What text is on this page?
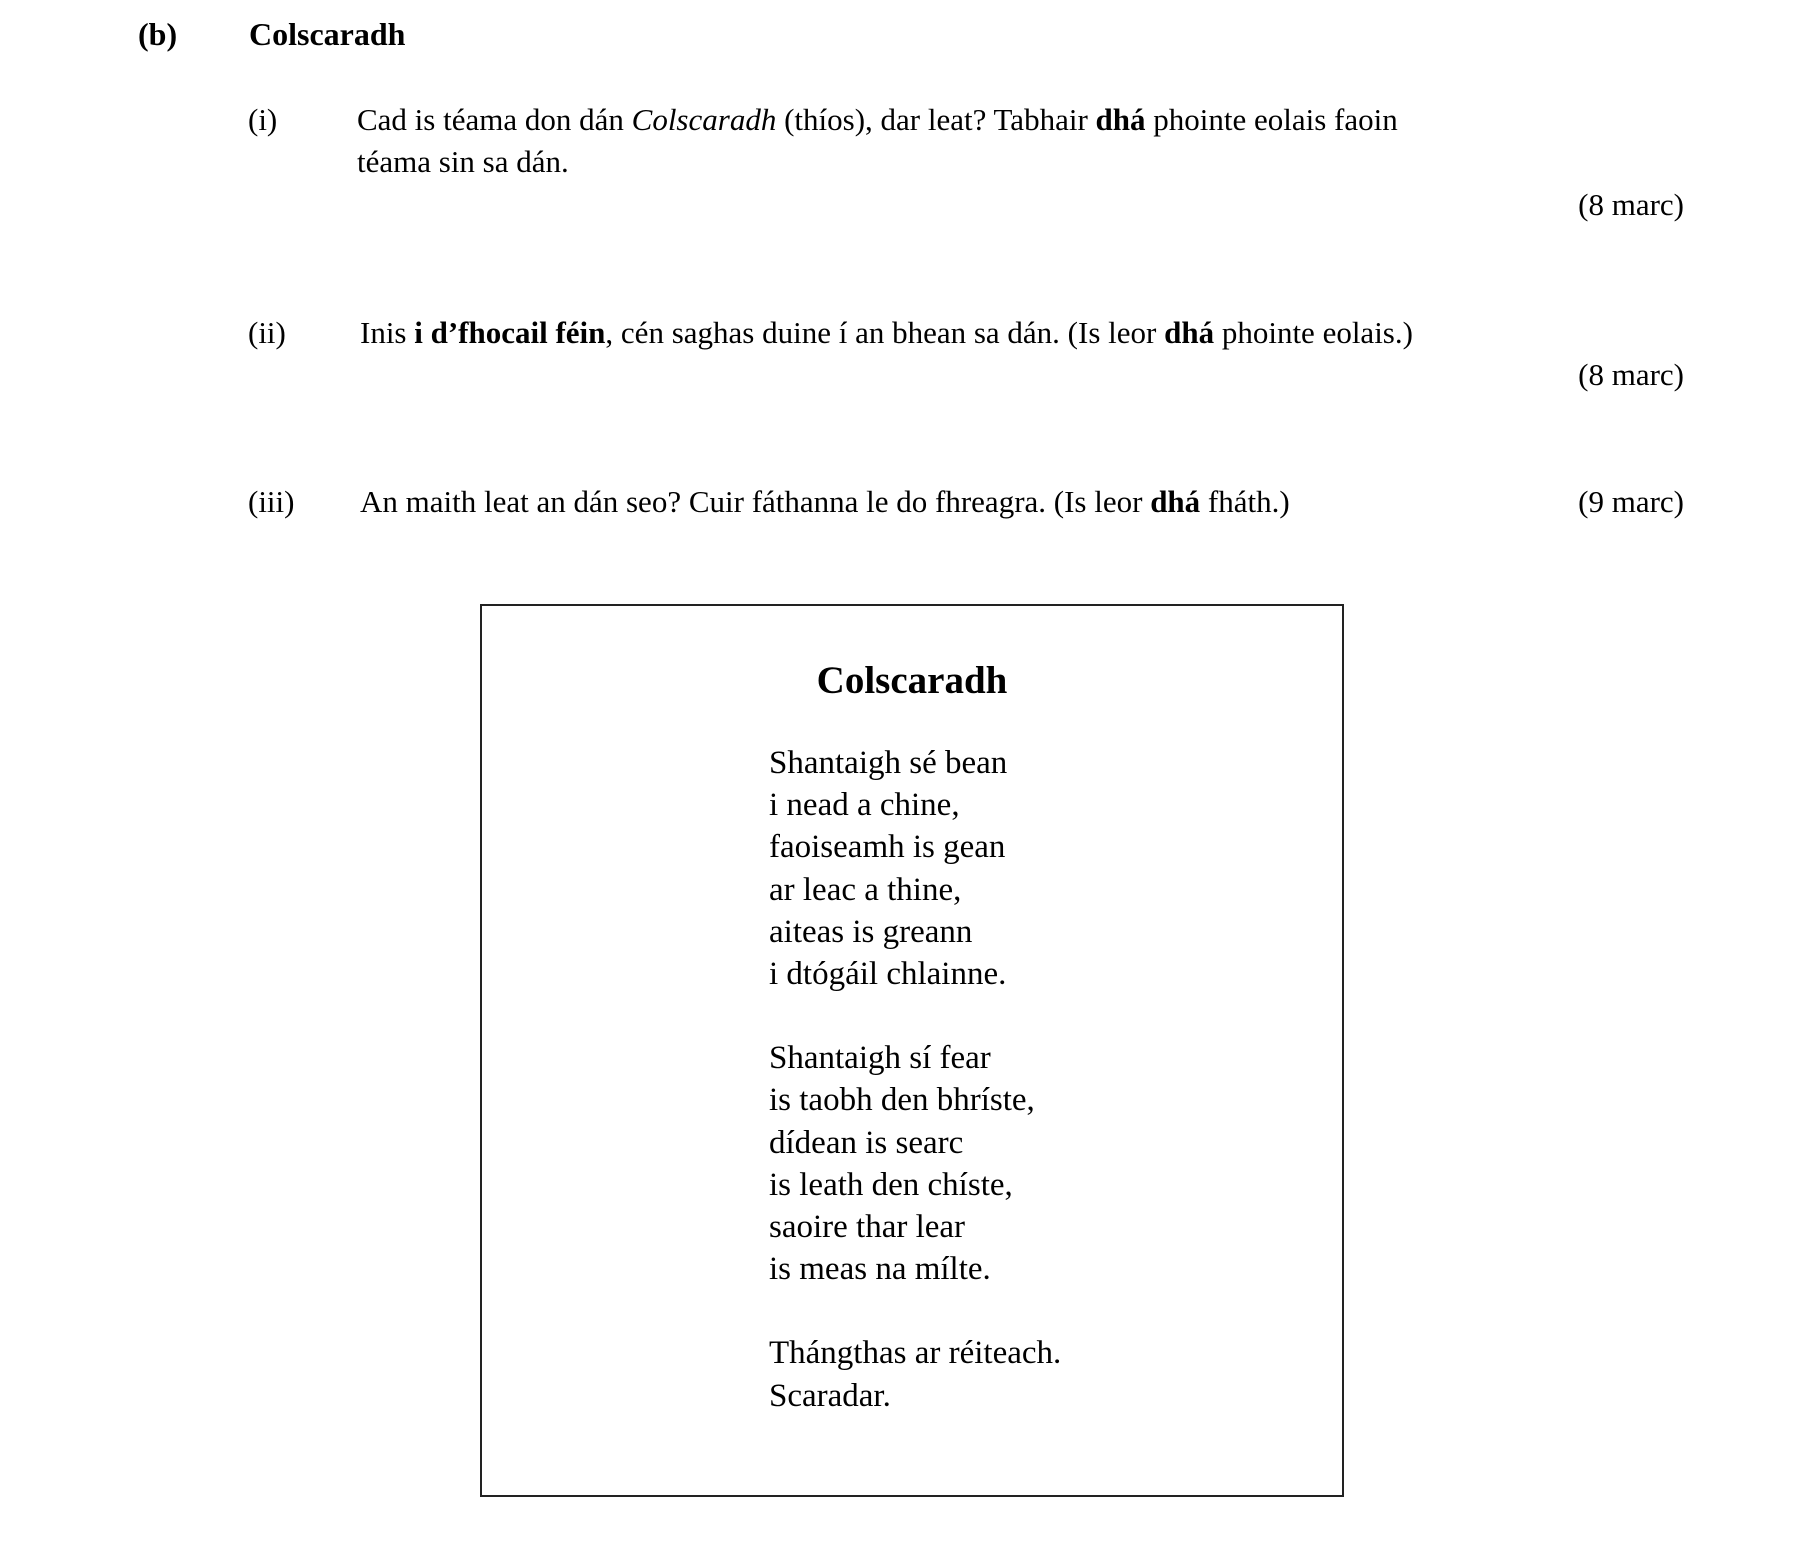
(b) Colscaradh
(i)	Cad is téama don dán Colscaradh (thíos), dar leat? Tabhair dhá phointe eolais faoin
téama sin sa dán.
(8 marc)
(ii) Inis i d’fhocail féin, cén saghas duine í an bhean sa dán. (Is leor dhá phointe eolais.)
(8 marc)
(iii) An maith leat an dán seo? Cuir fáthanna le do fhreagra. (Is leor dhá fháth.)	(9 marc)
Colscaradh
Shantaigh sé bean
i nead a chine,
faoiseamh is gean
ar leac a thine,
aiteas is greann
i dtógáil chlainne.
Shantaigh sí fear
is taobh den bhríste,
dídean is searc
is leath den chíste,
saoire thar lear
is meas na mílte.
Thángthas ar réiteach.
Scaradar.
